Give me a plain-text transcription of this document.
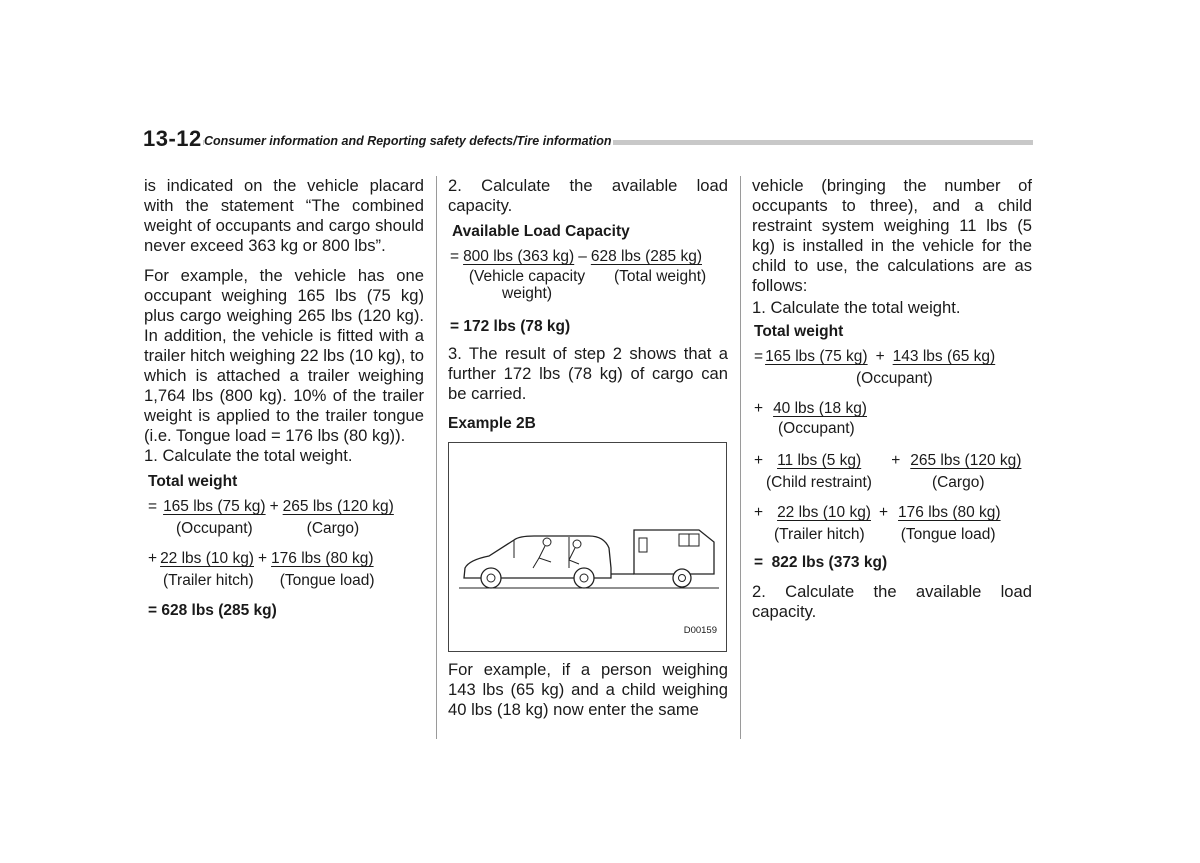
13-12 Consumer information and Reporting safety defects/Tire information

is indicated on the vehicle placard with the statement “The combined weight of occupants and cargo should never exceed 363 kg or 800 lbs”.

For example, the vehicle has one occupant weighing 165 lbs (75 kg) plus cargo weighing 265 lbs (120 kg). In addition, the vehicle is fitted with a trailer hitch weighing 22 lbs (10 kg), to which is attached a trailer weighing 1,764 lbs (800 kg). 10% of the trailer weight is applied to the trailer tongue (i.e. Tongue load = 176 lbs (80 kg)).

1. Calculate the total weight.

Total weight
= 165 lbs (75 kg) + 265 lbs (120 kg)
(Occupant)	(Cargo)
+ 22 lbs (10 kg) + 176 lbs (80 kg)
(Trailer hitch) (Tongue load)
= 628 lbs (285 kg)

2. Calculate the available load capacity.

Available Load Capacity
= 800 lbs (363 kg) – 628 lbs (285 kg)
(Vehicle capacity weight)
(Total weight)
= 172 lbs (78 kg)

3. The result of step 2 shows that a further 172 lbs (78 kg) of cargo can be carried.

Example 2B
D00159

For example, if a person weighing 143 lbs (65 kg) and a child weighing 40 lbs (18 kg) now enter the same

vehicle (bringing the number of occupants to three), and a child restraint system weighing 11 lbs (5 kg) is installed in the vehicle for the child to use, the calculations are as follows:

1. Calculate the total weight.

Total weight
= 165 lbs (75 kg) + 143 lbs (65 kg)
(Occupant)
+ 40 lbs (18 kg)
(Occupant)
+ 11 lbs (5 kg) + 265 lbs (120 kg)
(Child restraint)	(Cargo)
+ 22 lbs (10 kg) + 176 lbs (80 kg)
(Trailer hitch) (Tongue load)
=  822 lbs (373 kg)

2. Calculate the available load capacity.
